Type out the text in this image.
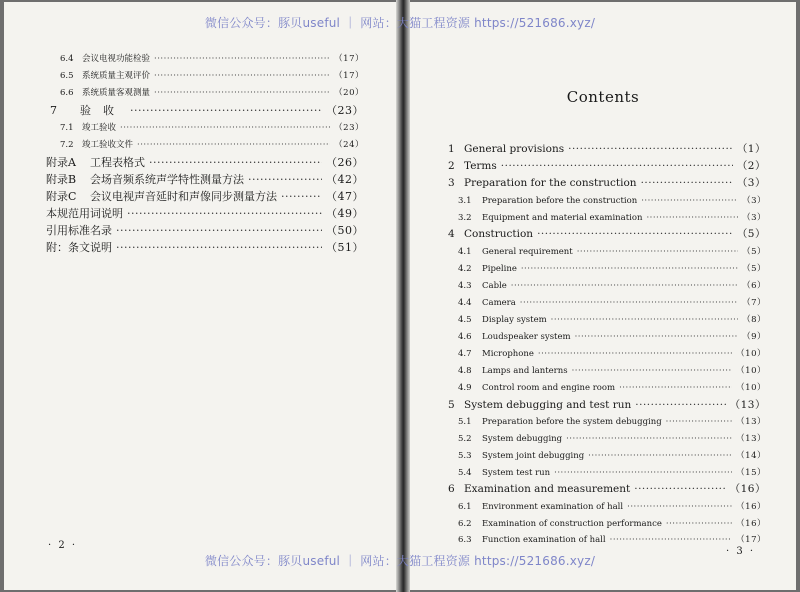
6.4 会议电视功能检验 ·····	（17）
6.5 系统质量主观评价 ·····	（17）
6.6 系统质量客观测量 ·····	（20）
7	验收 ·····	（23）
7.1 竣工验收 ·····	（23）
7.2 竣工验收文件 ·····	（24）
附录A	工程表格式 ·····	（26）
附录B	会场音频系统声学特性测量方法 ·····	（42）
附录C	会议电视声音延时和声像同步测量方法 ·····	（47）
本规范用词说明 ·····	（49）
引用标准名录 ·····	（50）
附：条文说明 ·····	（51）
· 2 ·
Contents
1 General provisions ·····	（1）
2 Terms ·····	（2）
3 Preparation for the construction ·····	（3）
3.1	Preparation before the construction ·····	（3）
3.2	Equipment and material examination ·····	（3）
4 Construction ·····	（5）
4.1	General requirement ·····	（5）
4.2	Pipeline ·····	（5）
4.3	Cable ·····	（6）
4.4	Camera ·····	（7）
4.5	Display system ·····	（8）
4.6	Loudspeaker system ·····	（9）
4.7	Microphone ·····	（10）
4.8	Lamps and lanterns ·····	（10）
4.9	Control room and engine room ·····	（10）
5 System debugging and test run ·····	（13）
5.1	Preparation before the system debugging ·····	（13）
5.2	System debugging ·····	（13）
5.3	System joint debugging ·····	（14）
5.4	System test run ·····	（15）
6 Examination and measurement ·····	（16）
6.1	Environment examination of hall ·····	（16）
6.2	Examination of construction performance ·····	（16）
6.3	Function examination of hall ·····	（17）
· 3 ·
微信公众号：豚贝useful ｜ 网站：大猫工程资源 https://521686.xyz/
微信公众号：豚贝useful ｜ 网站：大猫工程资源 https://521686.xyz/
